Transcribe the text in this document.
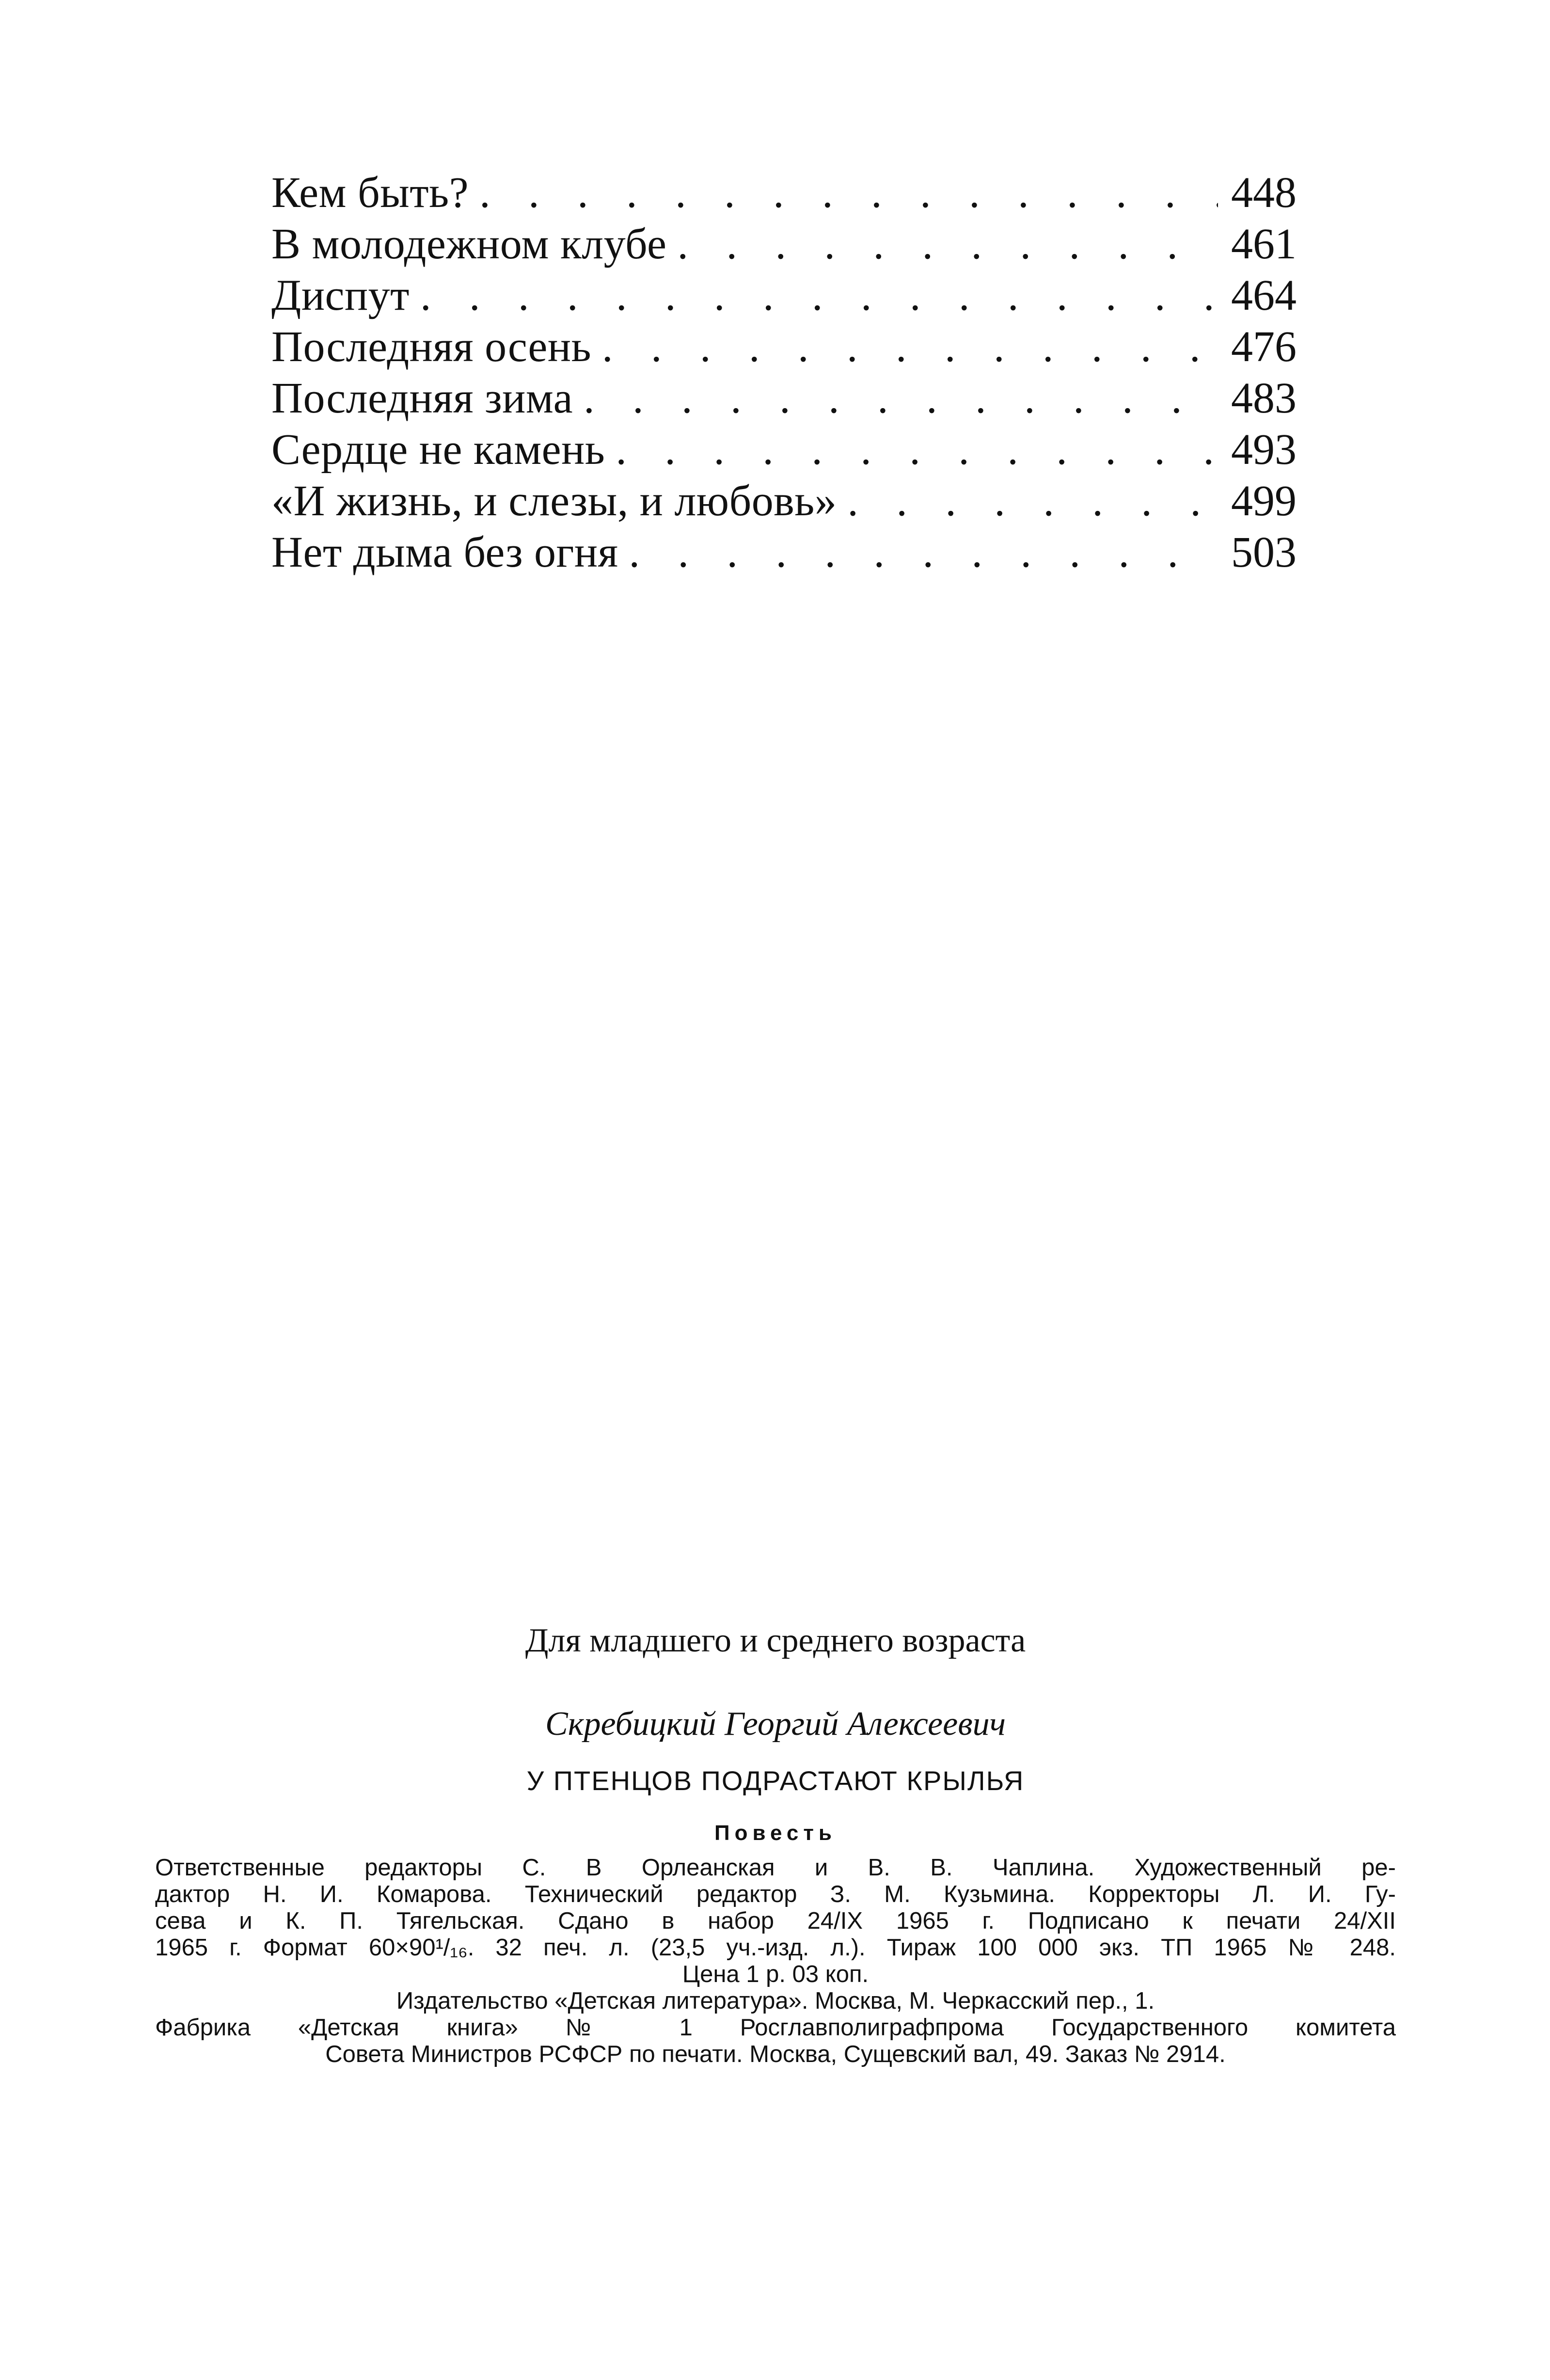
Кем быть? . . .	448
В молодежном клубе . . .	461
Диспут . . .	464
Последняя осень . . .	476
Последняя зима . . .	483
Сердце не камень . . .	493
«И жизнь, и слезы, и любовь» . . .	499
Нет дыма без огня . . .	503
Для младшего и среднего возраста
Скребицкий Георгий Алексеевич
У ПТЕНЦОВ ПОДРАСТАЮТ КРЫЛЬЯ
Повесть
Ответственные редакторы С. В Орлеанская и В. В. Чаплина. Художественный ре-
дактор Н. И. Комарова. Технический редактор З. М. Кузьмина. Корректоры Л. И. Гу-
сева и К. П. Тягельская. Сдано в набор 24/IX 1965 г. Подписано к печати 24/XII
1965 г. Формат 60×90¹/₁₆. 32 печ. л. (23,5 уч.-изд. л.). Тираж 100 000 экз. ТП 1965 № 248.
Цена 1 р. 03 коп.
Издательство «Детская литература». Москва, М. Черкасский пер., 1.
Фабрика «Детская книга» № 1 Росглавполиграфпрома Государственного комитета
Совета Министров РСФСР по печати. Москва, Сущевский вал, 49. Заказ № 2914.
